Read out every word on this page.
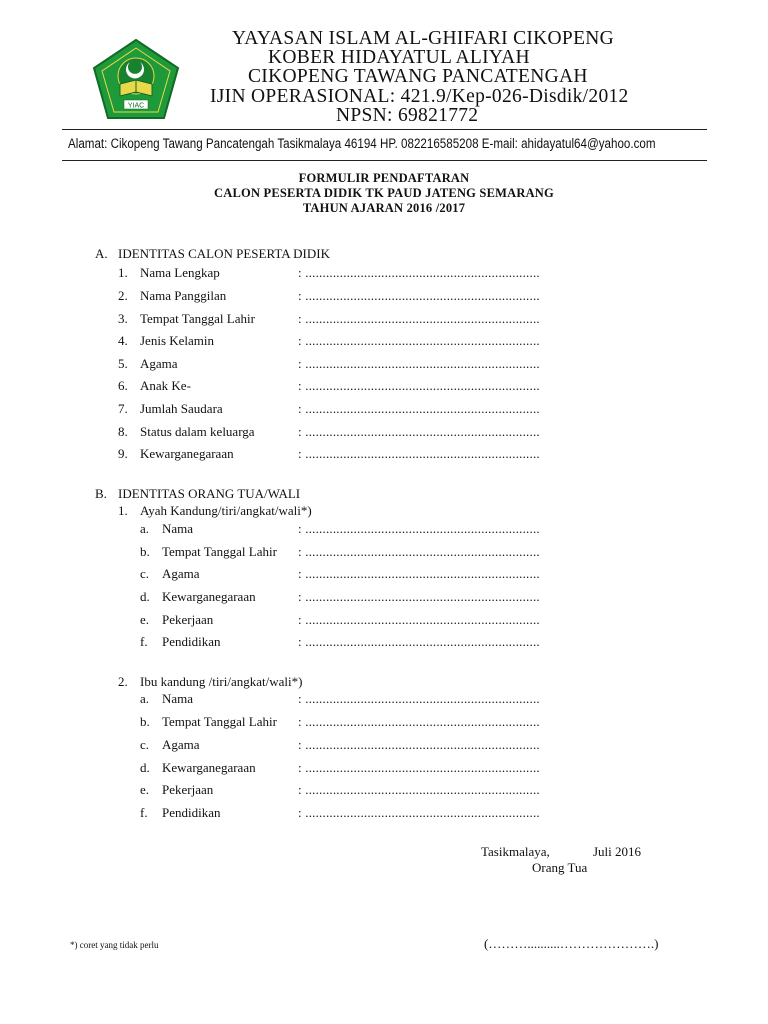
YIAC
YAYASAN ISLAM AL-GHIFARI CIKOPENG
KOBER HIDAYATUL ALIYAH
CIKOPENG TAWANG PANCATENGAH
IJIN OPERASIONAL: 421.9/Kep-026-Disdik/2012
NPSN: 69821772
Alamat: Cikopeng Tawang Pancatengah Tasikmalaya 46194 HP. 082216585208 E-mail: ahidayatul64@yahoo.com
FORMULIR PENDAFTARAN
CALON PESERTA DIDIK TK PAUD JATENG SEMARANG
TAHUN AJARAN 2016 /2017
A. IDENTITAS CALON PESERTA DIDIK
1. Nama Lengkap	: ....................................................................
2. Nama Panggilan	: ....................................................................
3. Tempat Tanggal Lahir	: ....................................................................
4. Jenis Kelamin	: ....................................................................
5. Agama	: ....................................................................
6. Anak Ke-	: ....................................................................
7. Jumlah Saudara	: ....................................................................
8. Status dalam keluarga	: ....................................................................
9. Kewarganegaraan	: ....................................................................
B. IDENTITAS ORANG TUA/WALI
1. Ayah Kandung/tiri/angkat/wali*)
a. Nama	: ....................................................................
b. Tempat Tanggal Lahir : ....................................................................
c. Agama	: ....................................................................
d. Kewarganegaraan	: ....................................................................
e. Pekerjaan	: ....................................................................
f. Pendidikan	: ....................................................................
2. Ibu kandung /tiri/angkat/wali*)
a. Nama	: ....................................................................
b. Tempat Tanggal Lahir : ....................................................................
c. Agama	: ....................................................................
d. Kewarganegaraan	: ....................................................................
e. Pekerjaan	: ....................................................................
f. Pendidikan	: ....................................................................
Tasikmalaya,	Juli 2016
Orang Tua
(………..........………………….)
*) coret yang tidak perlu
